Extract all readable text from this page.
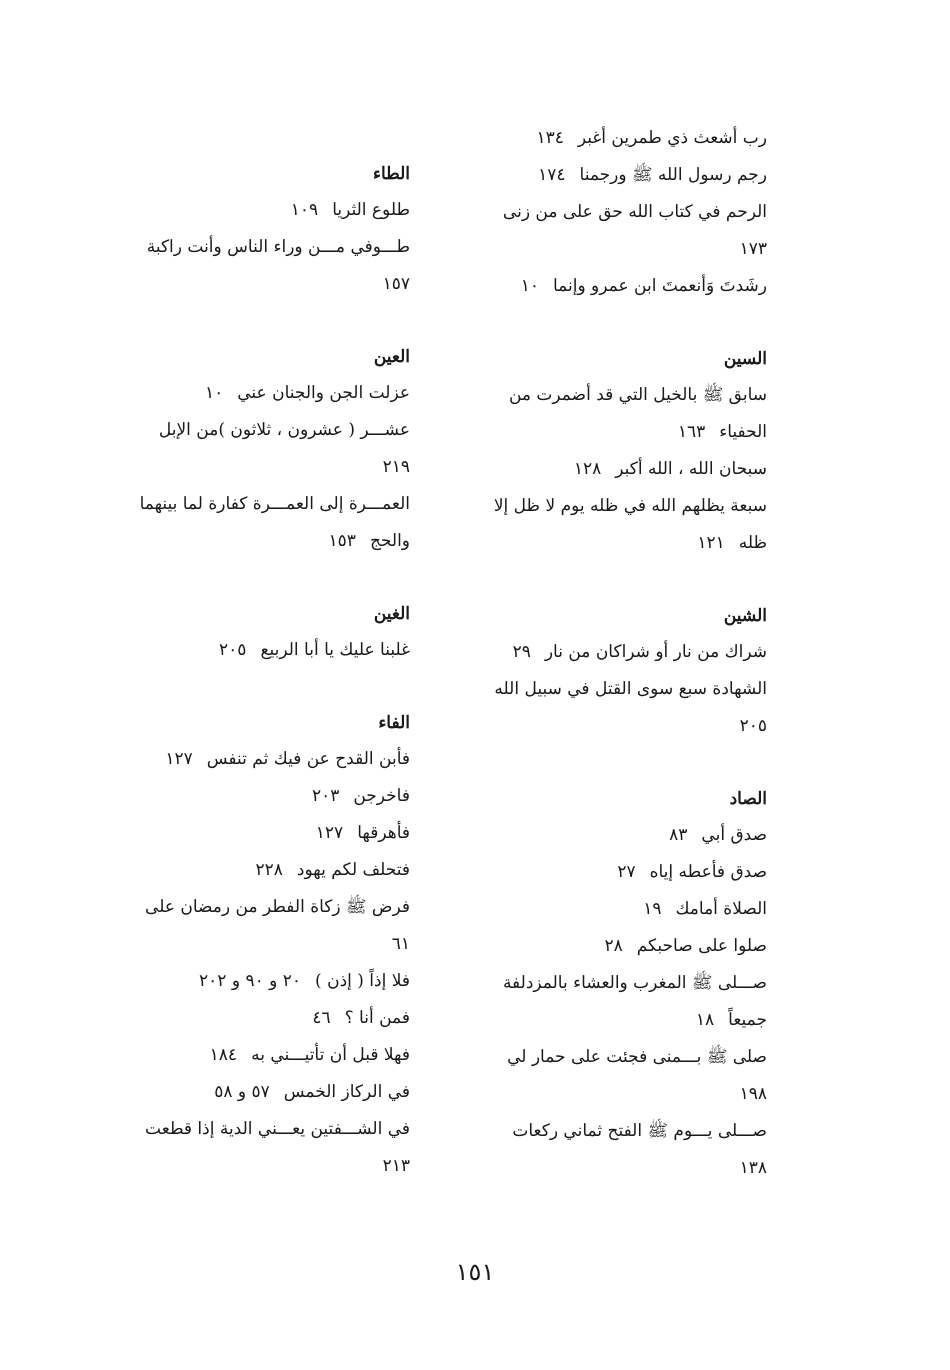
رب أشعث ذي طمرين أغبر١٣٤
رجم رسول الله ﷺ ورجمنا١٧٤
الرحم في كتاب الله حق على من زنى
١٧٣
رشَدتَ وَأنعمتَ ابن عمرو وإنما١٠
السين
سابق ﷺ بالخيل التي قد أضمرت من
الحفياء١٦٣
سبحان الله ، الله أكبر١٢٨
سبعة يظلهم الله في ظله يوم لا ظل إلا
ظله١٢١
الشين
شراك من نار أو شراكان من نار٢٩
الشهادة سبع سوى القتل في سبيل الله
٢٠٥
الصاد
صدق أبي٨٣
صدق فأعطه إياه٢٧
الصلاة أمامك١٩
صلوا على صاحبكم٢٨
صـــلى ﷺ المغرب والعشاء بالمزدلفة
جميعاً١٨
صلى ﷺ بـــمنى فجئت على حمار لي
١٩٨
صـــلى يـــوم ﷺ الفتح ثماني ركعات
١٣٨
الطاء
طلوع الثريا١٠٩
طـــوفي مـــن وراء الناس وأنت راكبة
١٥٧
العين
عزلت الجن والجنان عني١٠
عشـــر ( عشرون ، ثلاثون )من الإبل
٢١٩
العمـــرة إلى العمـــرة كفارة لما بينهما
والحج١٥٣
الغين
غلبنا عليك يا أبا الربيع٢٠٥
الفاء
فأبن القدح عن فيك ثم تنفس١٢٧
فاخرجن٢٠٣
فأهرقها١٢٧
فتحلف لكم يهود٢٢٨
فرض ﷺ زكاة الفطر من رمضان على
٦١
فلا إذاً ( إذن )٢٠ و ٩٠ و ٢٠٢
فمن أنا ؟٤٦
فهلا قبل أن تأتيـــني به١٨٤
في الركاز الخمس٥٧ و ٥٨
في الشـــفتين يعـــني الدية إذا قطعت
٢١٣
١٥١
